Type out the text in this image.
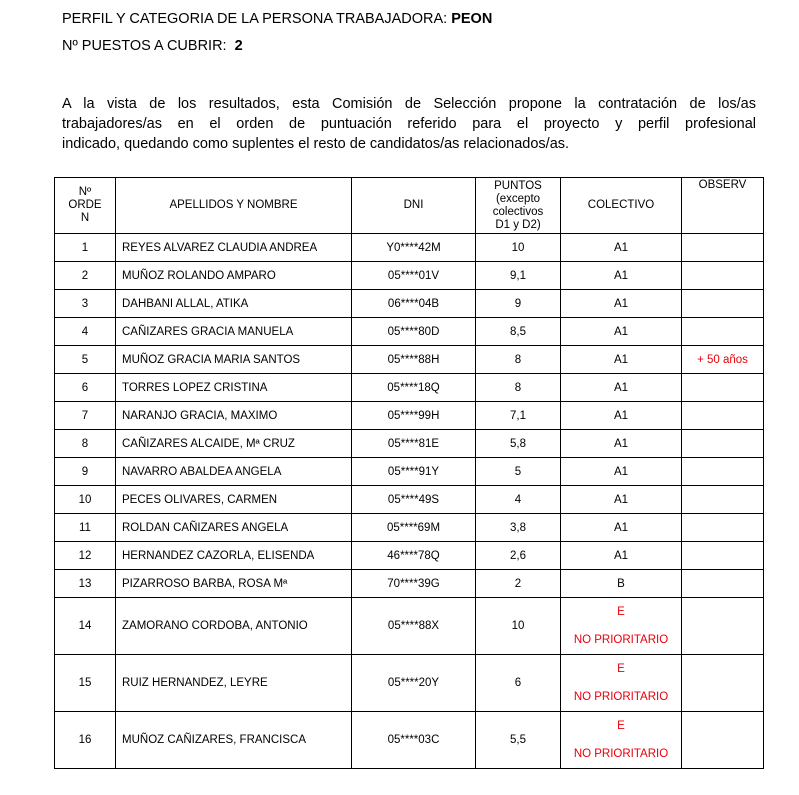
PERFIL Y CATEGORIA DE LA PERSONA TRABAJADORA: PEON
Nº PUESTOS A CUBRIR: 2
A la vista de los resultados, esta Comisión de Selección propone la contratación de los/as
trabajadores/as en el orden de puntuación referido para el proyecto y perfil profesional
indicado, quedando como suplentes el resto de candidatos/as relacionados/as.
Nº
ORDE
N	APELLIDOS Y NOMBRE	DNI	PUNTOS
(excepto
colectivos
D1 y D2)	COLECTIVO	OBSERV
1	REYES ALVAREZ CLAUDIA ANDREA	Y0****42M	10	A1	
2	MUÑOZ ROLANDO AMPARO	05****01V	9,1	A1	
3	DAHBANI ALLAL, ATIKA	06****04B	9	A1	
4	CAÑIZARES GRACIA MANUELA	05****80D	8,5	A1	
5	MUÑOZ GRACIA MARIA SANTOS	05****88H	8	A1	+ 50 años
6	TORRES LOPEZ CRISTINA	05****18Q	8	A1	
7	NARANJO GRACIA, MAXIMO	05****99H	7,1	A1	
8	CAÑIZARES ALCAIDE, Mª CRUZ	05****81E	5,8	A1	
9	NAVARRO ABALDEA ANGELA	05****91Y	5	A1	
10	PECES OLIVARES, CARMEN	05****49S	4	A1	
11	ROLDAN CAÑIZARES ANGELA	05****69M	3,8	A1	
12	HERNANDEZ CAZORLA, ELISENDA	46****78Q	2,6	A1	
13	PIZARROSO BARBA, ROSA Mª	70****39G	2	B	
14	ZAMORANO CORDOBA, ANTONIO	05****88X	10	E
NO PRIORITARIO	

15	RUIZ HERNANDEZ, LEYRE	05****20Y	6	E
NO PRIORITARIO	

16	MUÑOZ CAÑIZARES, FRANCISCA	05****03C	5,5	E
NO PRIORITARIO	
